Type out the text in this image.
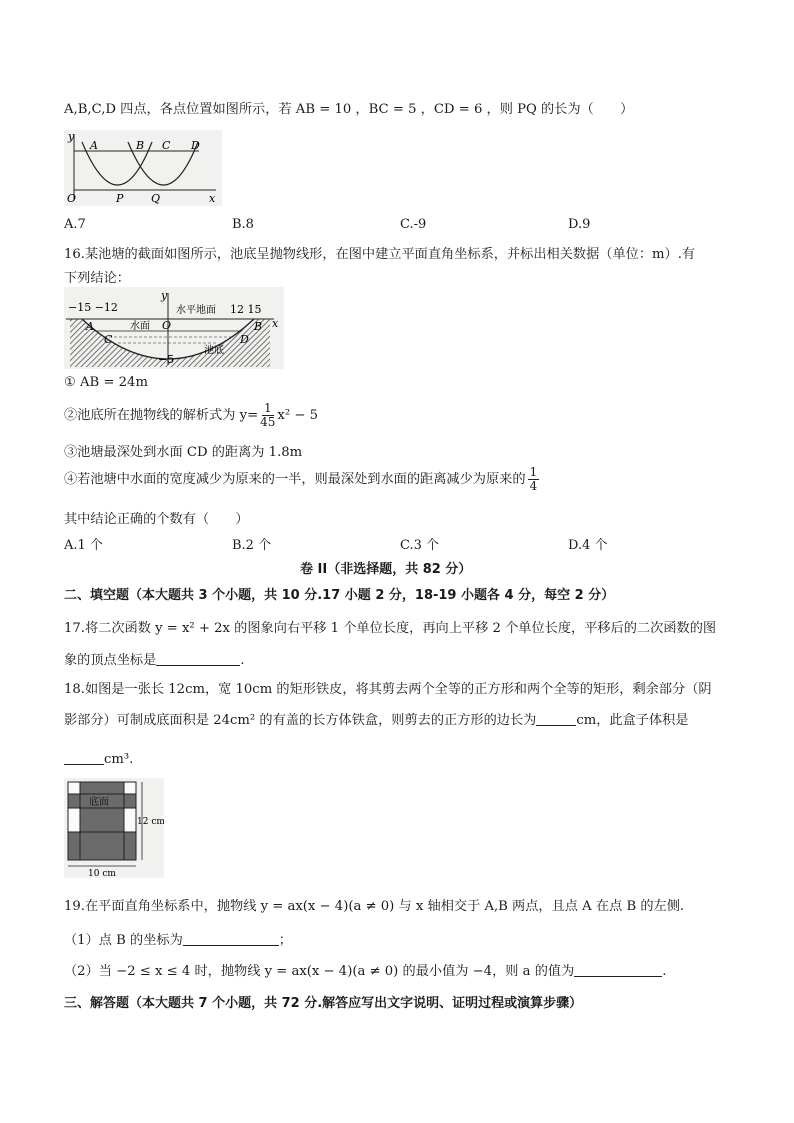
A,B,C,D 四点，各点位置如图所示，若 AB = 10 ，BC = 5 ，CD = 6 ，则 PQ 的长为（　　）
y
A	B C D
O	P	Q	x
A.7	B.8	C.-9	D.9
16.某池塘的截面如图所示，池底呈抛物线形，在图中建立平面直角坐标系，并标出相关数据（单位：m）.有
下列结论：
−15 −12
y
水平地面 12 15
水面 O
A	B x
C	D
池底
−5
① AB = 24m
②池底所在抛物线的解析式为 $y= \frac{1}{45} x^2 - 5$
③池塘最深处到水面 CD 的距离为 1.8m
④若池塘中水面的宽度减少为原来的一半，则最深处到水面的距离减少为原来的 $\frac{1}{4}$
其中结论正确的个数有（　　）
A.1 个	B.2 个	C.3 个	D.4 个
卷 II（非选择题，共 82 分）
二、填空题（本大题共 3 个小题，共 10 分.17 小题 2 分，18-19 小题各 4 分，每空 2 分）
17.将二次函数 y = x² + 2x 的图象向右平移 1 个单位长度，再向上平移 2 个单位长度，平移后的二次函数的图
象的顶点坐标是	.
18.如图是一张长 12cm，宽 10cm 的矩形铁皮，将其剪去两个全等的正方形和两个全等的矩形，剩余部分（阴
影部分）可制成底面积是 24cm² 的有盖的长方体铁盒，则剪去的正方形的边长为	cm，此盒子体积是
cm³.
底面
12 cm
10 cm
19.在平面直角坐标系中，抛物线 y = ax(x − 4)(a ≠ 0) 与 x 轴相交于 A,B 两点，且点 A 在点 B 的左侧.
（1）点 B 的坐标为	；
（2）当 −2 ≤ x ≤ 4 时，抛物线 y = ax(x − 4)(a ≠ 0) 的最小值为 −4，则 a 的值为	.
三、解答题（本大题共 7 个小题，共 72 分.解答应写出文字说明、证明过程或演算步骤）
